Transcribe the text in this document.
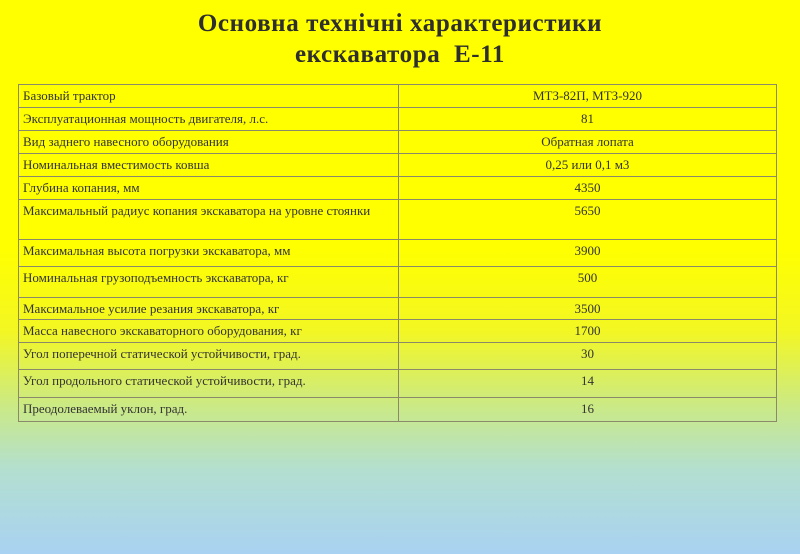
Основна технічні характеристики
екскаватора  Е-11
Базовый трактор	МТЗ-82П, МТЗ-920
Эксплуатационная мощность двигателя, л.с.	81
Вид заднего навесного оборудования	Обратная лопата
Номинальная вместимость ковша	0,25 или 0,1 м3
Глубина копания, мм	4350
Максимальный радиус копания экскаватора на уровне стоянки	5650
Максимальная высота погрузки экскаватора, мм	3900
Номинальная грузоподъемность экскаватора, кг	500
Максимальное усилие резания экскаватора, кг	3500
Масса навесного экскаваторного оборудования, кг	1700
Угол поперечной статической устойчивости, град.	30
Угол продольного статической устойчивости, град.	14
Преодолеваемый уклон, град.	16
